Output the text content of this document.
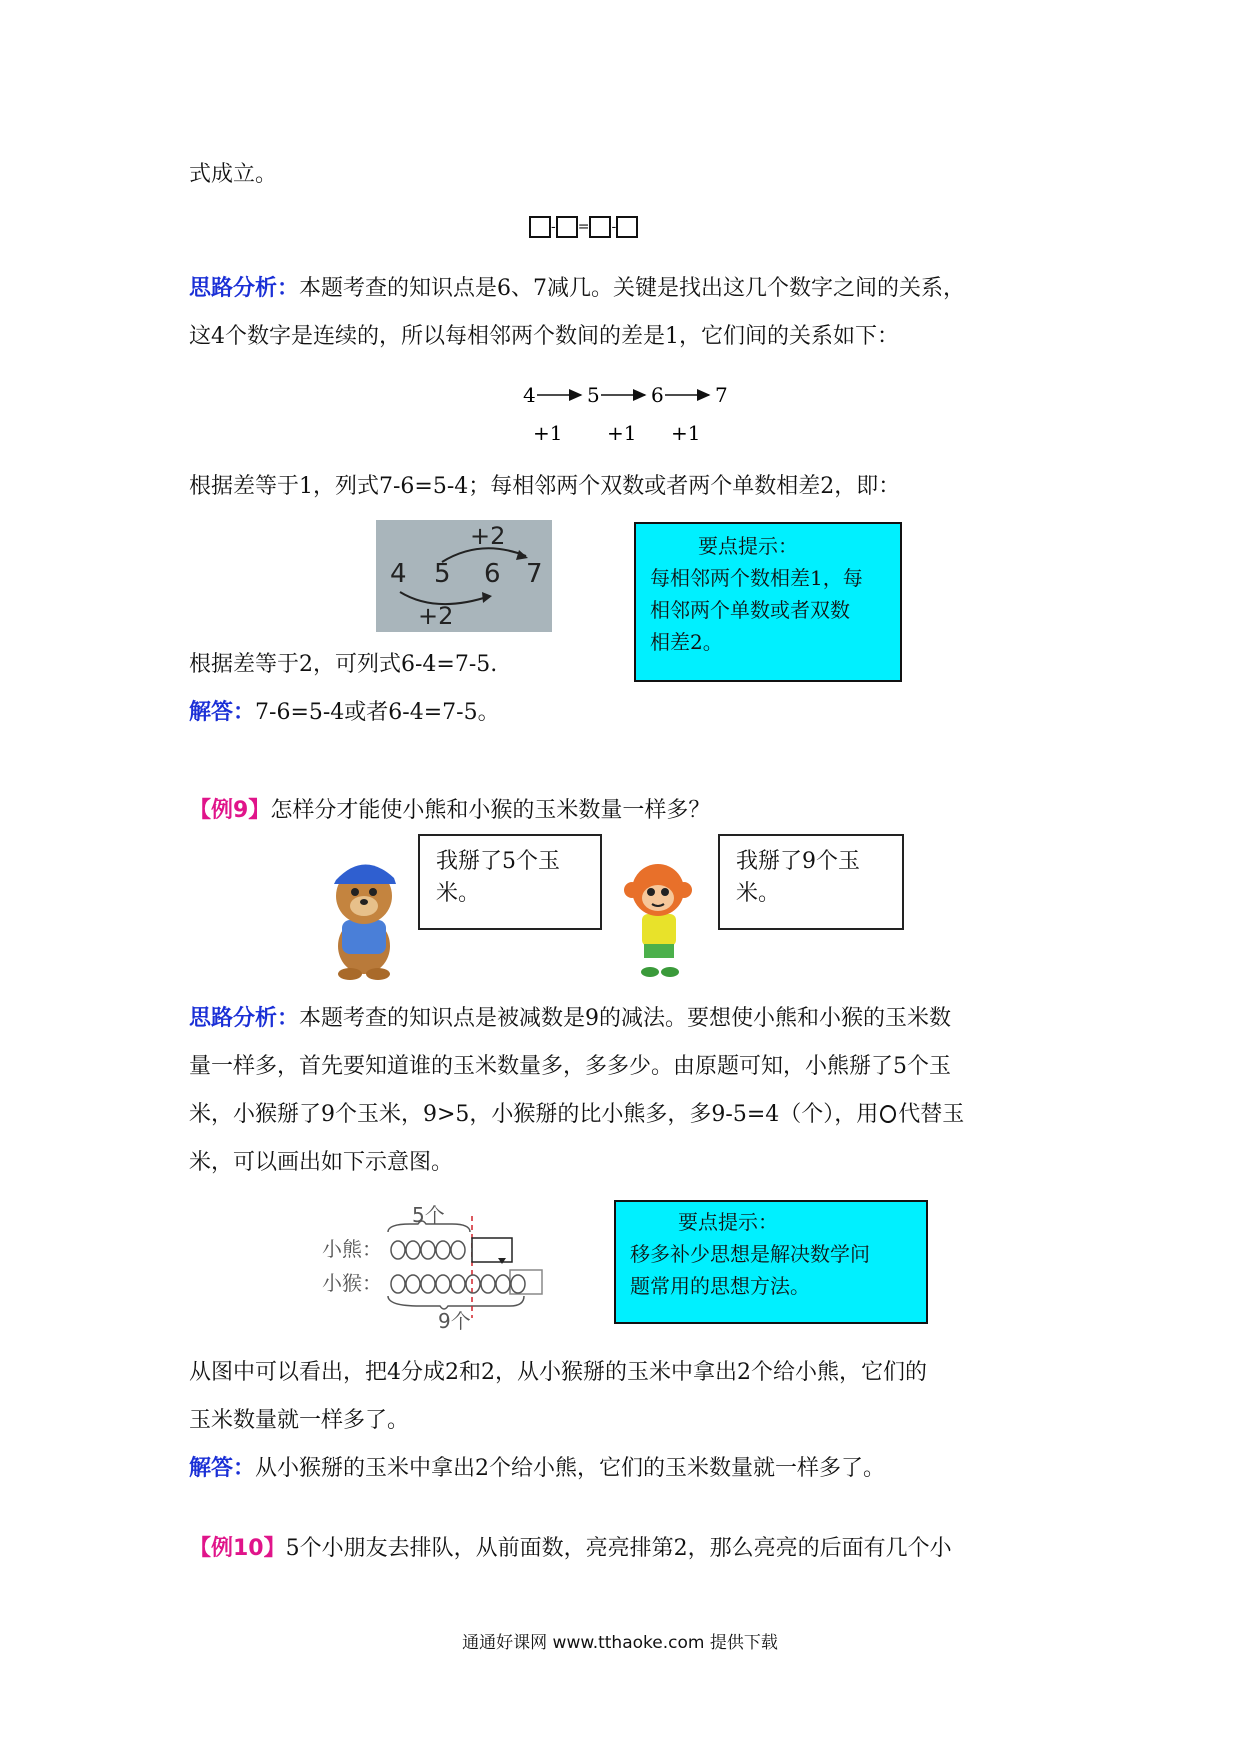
式成立。
- = -
思路分析：本题考查的知识点是6、7减几。关键是找出这几个数字之间的关系，
这4个数字是连续的，所以每相邻两个数间的差是1，它们间的关系如下：
4	5	6	7
+1 +1 +1
根据差等于1，列式7-6=5-4；每相邻两个双数或者两个单数相差2，即：
4 5 6 7
+2
+2
要点提示：
每相邻两个数相差1，每
相邻两个单数或者双数
相差2。
根据差等于2，可列式6-4=7-5.
解答：7-6=5-4或者6-4=7-5。
【例9】怎样分才能使小熊和小猴的玉米数量一样多？
我掰了5个玉
米。
我掰了9个玉
米。
思路分析：本题考查的知识点是被减数是9的减法。要想使小熊和小猴的玉米数
量一样多，首先要知道谁的玉米数量多，多多少。由原题可知，小熊掰了5个玉
米，小猴掰了9个玉米，9>5，小猴掰的比小熊多，多9-5=4（个），用 代替玉
米，可以画出如下示意图。
5个
小熊：
小猴：
9个
要点提示：
移多补少思想是解决数学问
题常用的思想方法。
从图中可以看出，把4分成2和2，从小猴掰的玉米中拿出2个给小熊，它们的
玉米数量就一样多了。
解答：从小猴掰的玉米中拿出2个给小熊，它们的玉米数量就一样多了。
【例10】5个小朋友去排队，从前面数，亮亮排第2，那么亮亮的后面有几个小
通通好课网 www.tthaoke.com 提供下载
